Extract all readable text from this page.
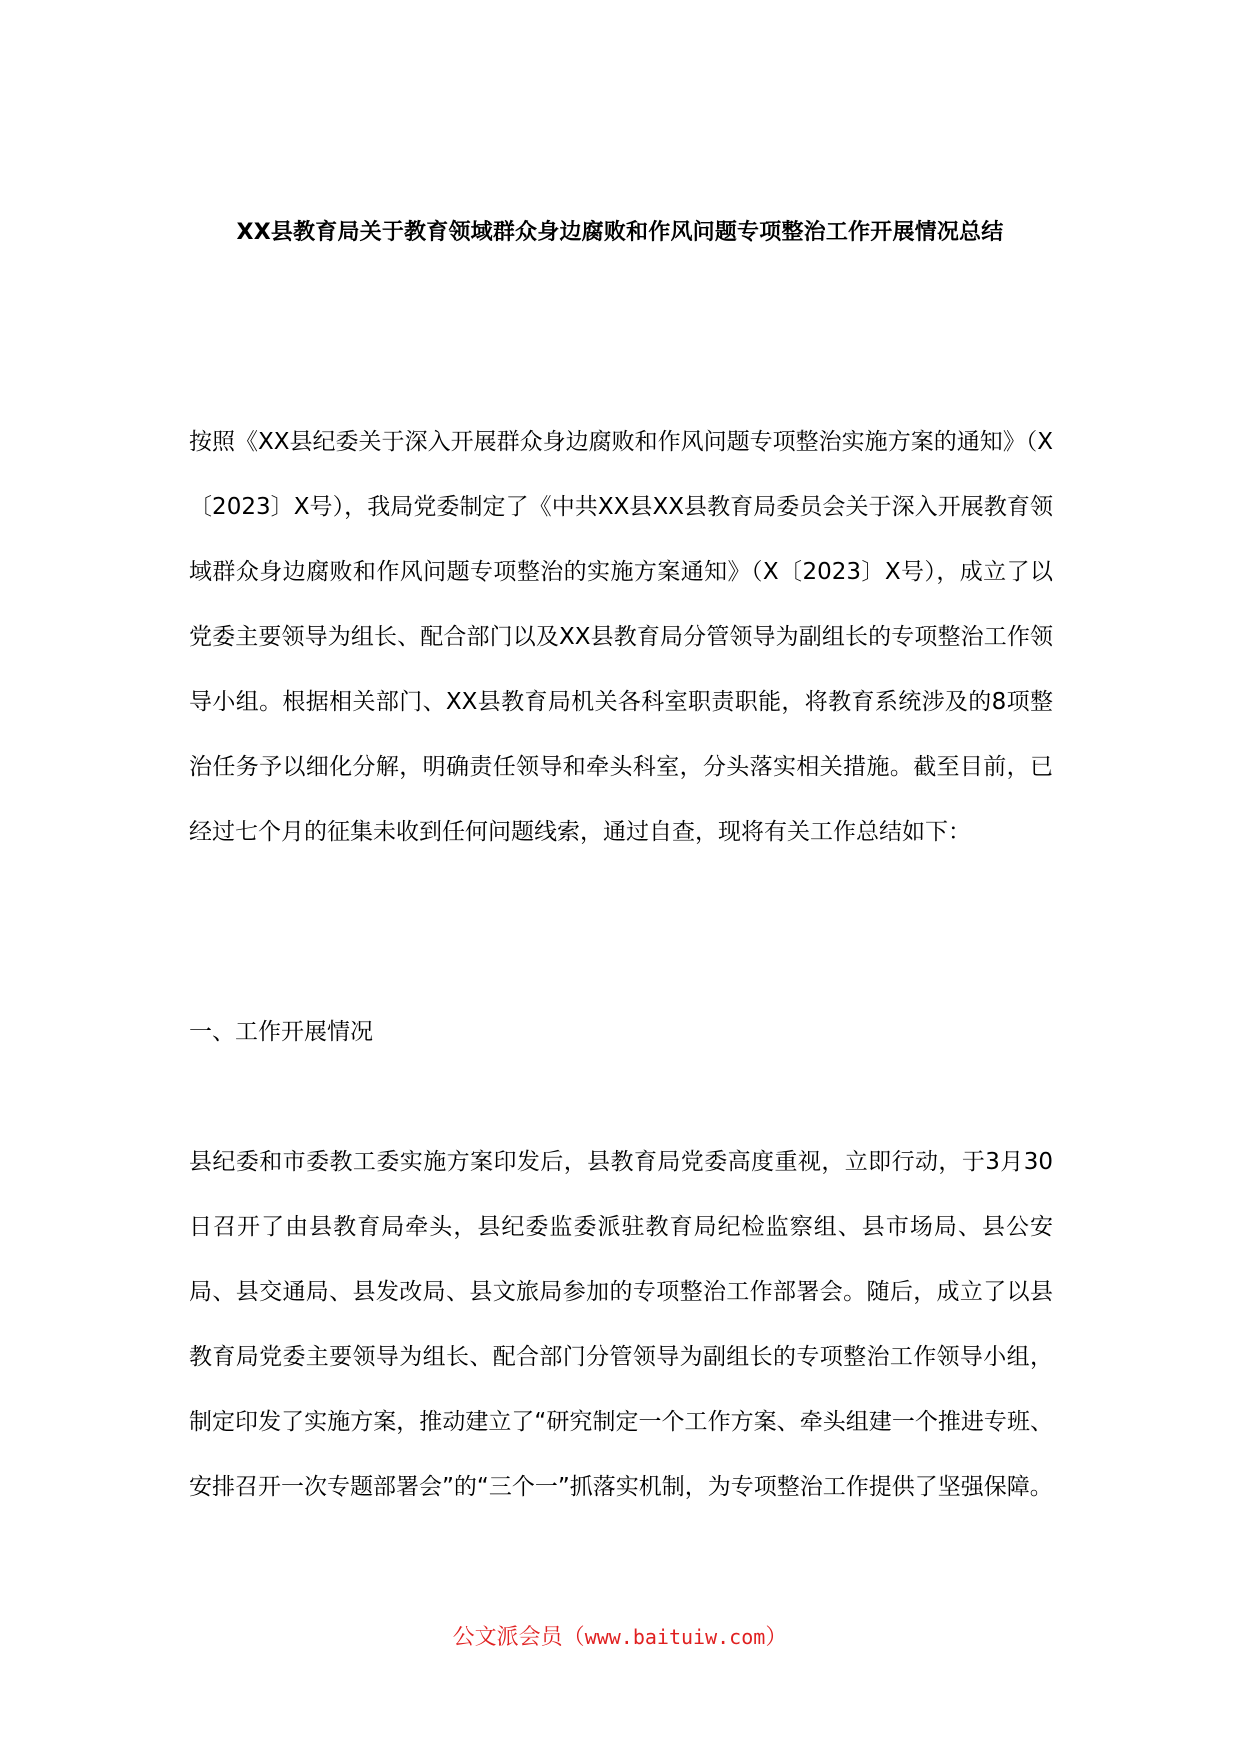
XX县教育局关于教育领域群众身边腐败和作风问题专项整治工作开展情况总结

按照《XX县纪委关于深入开展群众身边腐败和作风问题专项整治实施方案的通知》（X〔2023〕X号），我局党委制定了《中共XX县XX县教育局委员会关于深入开展教育领域群众身边腐败和作风问题专项整治的实施方案通知》（X〔2023〕X号），成立了以党委主要领导为组长、配合部门以及XX县教育局分管领导为副组长的专项整治工作领导小组。根据相关部门、XX县教育局机关各科室职责职能，将教育系统涉及的8项整治任务予以细化分解，明确责任领导和牵头科室，分头落实相关措施。截至目前，已经过七个月的征集未收到任何问题线索，通过自查，现将有关工作总结如下：

一、工作开展情况

县纪委和市委教工委实施方案印发后，县教育局党委高度重视，立即行动，于3月30日召开了由县教育局牵头，县纪委监委派驻教育局纪检监察组、县市场局、县公安局、县交通局、县发改局、县文旅局参加的专项整治工作部署会。随后，成立了以县教育局党委主要领导为组长、配合部门分管领导为副组长的专项整治工作领导小组，制定印发了实施方案，推动建立了“研究制定一个工作方案、牵头组建一个推进专班、安排召开一次专题部署会”的“三个一”抓落实机制，为专项整治工作提供了坚强保障。

公文派会员（www.baituiw.com）
